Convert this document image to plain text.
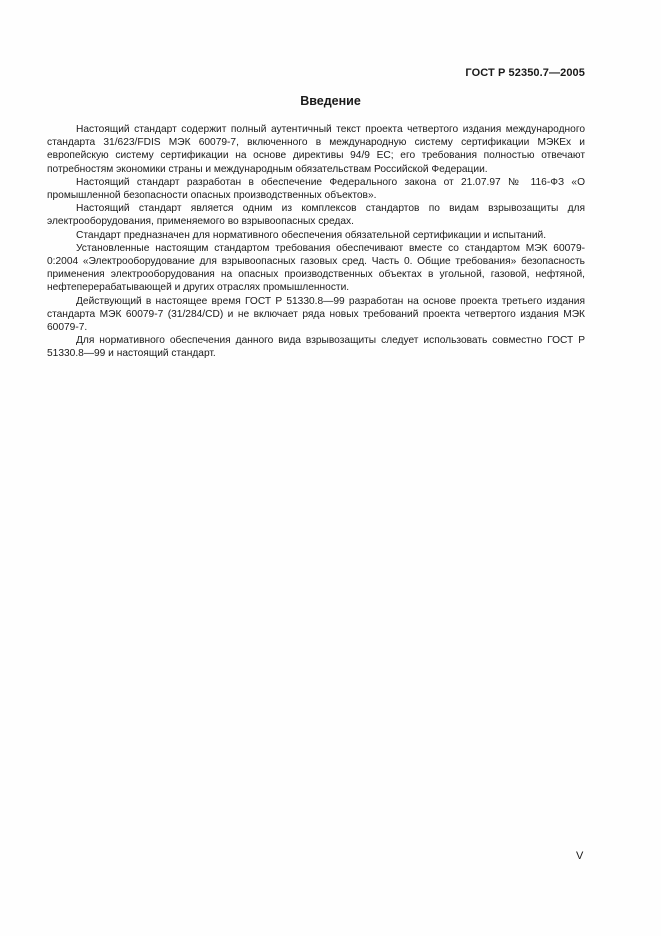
ГОСТ Р 52350.7—2005
Введение

Настоящий стандарт содержит полный аутентичный текст проекта четвертого издания международного стандарта 31/623/FDIS МЭК 60079-7, включенного в международную систему сертификации МЭКEx и европейскую систему сертификации на основе директивы 94/9 ЕС; его требования полностью отвечают потребностям экономики страны и международным обязательствам Российской Федерации.

Настоящий стандарт разработан в обеспечение Федерального закона от 21.07.97 № 116-ФЗ «О промышленной безопасности опасных производственных объектов».

Настоящий стандарт является одним из комплексов стандартов по видам взрывозащиты для электрооборудования, применяемого во взрывоопасных средах.

Стандарт предназначен для нормативного обеспечения обязательной сертификации и испытаний.

Установленные настоящим стандартом требования обеспечивают вместе со стандартом МЭК 60079-0:2004 «Электрооборудование для взрывоопасных газовых сред. Часть 0. Общие требования» безопасность применения электрооборудования на опасных производственных объектах в угольной, газовой, нефтяной, нефтеперерабатывающей и других отраслях промышленности.

Действующий в настоящее время ГОСТ Р 51330.8—99 разработан на основе проекта третьего издания стандарта МЭК 60079-7 (31/284/CD) и не включает ряда новых требований проекта четвертого издания МЭК 60079-7.

Для нормативного обеспечения данного вида взрывозащиты следует использовать совместно ГОСТ Р 51330.8—99 и настоящий стандарт.

V
